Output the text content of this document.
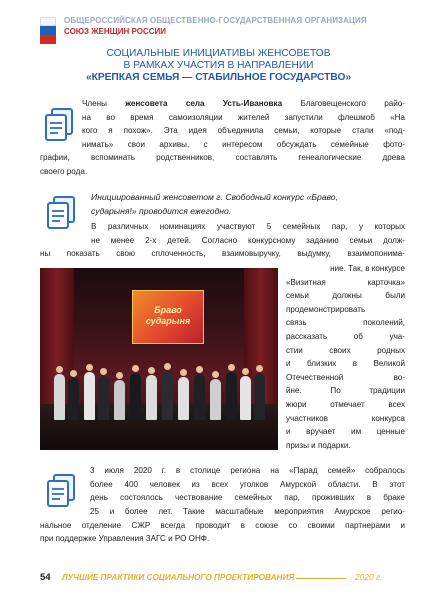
ОБЩЕРОССИЙСКАЯ ОБЩЕСТВЕННО-ГОСУДАРСТВЕННАЯ ОРГАНИЗАЦИЯ
СОЮЗ ЖЕНЩИН РОССИИ
СОЦИАЛЬНЫЕ ИНИЦИАТИВЫ ЖЕНСОВЕТОВ
В РАМКАХ УЧАСТИЯ В НАПРАВЛЕНИИ
«КРЕПКАЯ СЕМЬЯ — СТАБИЛЬНОЕ ГОСУДАРСТВО»
Члены женсовета села Усть-Ивановка Благовещенского райо-
на во время самоизоляции жителей запустили флешмоб «На
кого я похож». Эта идея объединила семьи, которые стали «под-
нимать» свои архивы, с интересом обсуждать семейные фото-
графии, вспоминать родственников, составлять генеалогические древа
своего рода.
Инициированный женсоветом г. Свободный конкурс «Браво,
сударыня!» проводится ежегодно.
В различных номинациях участвуют 5 семейных пар, у которых
не менее 2-х детей. Согласно конкурсному заданию семьи долж-
ны показать свою сплоченность, взаимовыручку, выдумку, взаимопонима-
ние. Так, в конкурсе
«Визитная карточка»
семьи должны были
продемонстрировать
связь поколений,
рассказать об уча-
стии своих родных
и близких в Великой
Отечественной во-
йне. По традиции
жюри отмечает всех
участников конкурса
и вручает им ценные
призы и подарки.
Браво сударыня
3 июля 2020 г. в столице региона на «Парад семей» собралось
более 400 человек из всех уголков Амурской области. В этот
день состоялось чествование семейных пар, проживших в браке
25 и более лет. Такие масштабные мероприятия Амурское регио-
нальное отделение СЖР всегда проводит в союзе со своими партнерами и
при поддержке Управления ЗАГС и РО ОНФ.
54 ЛУЧШИЕ ПРАКТИКИ СОЦИАЛЬНОГО ПРОЕКТИРОВАНИЯ	2020 г.
